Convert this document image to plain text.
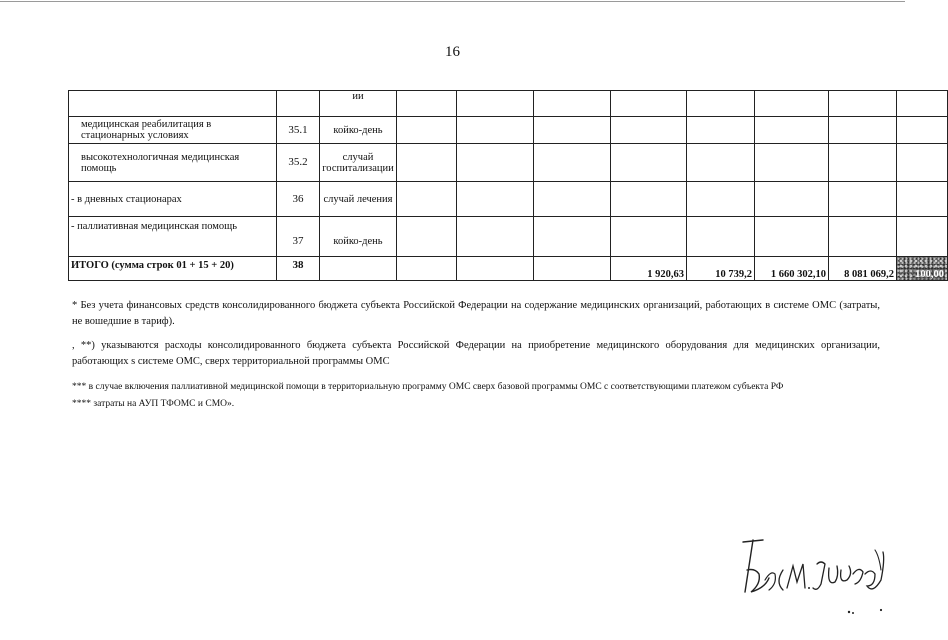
16
		ии								
медицинская реабилитация в стационарных условиях	35.1	койко-день								
высокотехнологичная медицинская помощь	35.2	случай госпитализации								
- в дневных стационарах	36	случай лечения								
- паллиативная медицинская помощь	37	койко-день								
ИТОГО (сумма строк 01 + 15 + 20)	38					1 920,63	10 739,2	1 660 302,10	8 081 069,2	100,00
* Без учета финансовых средств консолидированного бюджета субъекта Российской Федерации на содержание медицинских организаций, работающих в системе ОМС (затраты, не вошедшие в тариф).
, **) указываются расходы консолидированного бюджета субъекта Российской Федерации на приобретение медицинского оборудования для медицинских организации, работающих s системе ОМС, сверх территориальной программы ОМС
*** в случае включения паллиативной медицинской помощи в территориальную программу ОМС сверх базовой программы ОМС с соответствующими платежом субъекта РФ
**** затраты на АУП ТФОМС и СМО».
